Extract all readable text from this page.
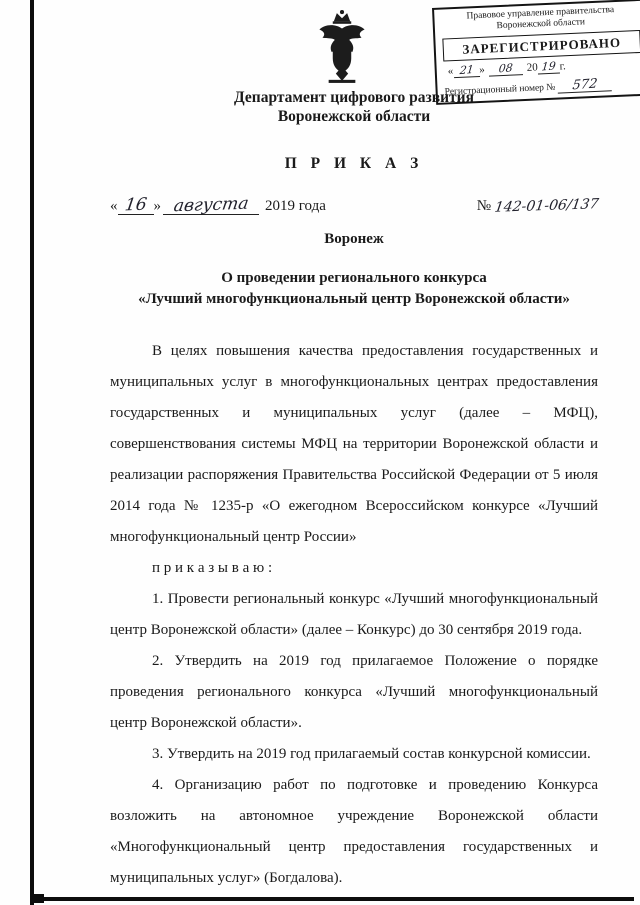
Правовое управление правительства
Воронежской области
ЗАРЕГИСТРИРОВАНО
« 21 » 08 20 19 г.
Регистрационный номер № 572
Департамент цифрового развития
Воронежской области
П Р И К А З
« 16 » августа 2019 года	№ 142-01-06/137
Воронеж
О проведении регионального конкурса
«Лучший многофункциональный центр Воронежской области»

В целях повышения качества предоставления государственных и муниципальных услуг в многофункциональных центрах предоставления государственных и муниципальных услуг (далее – МФЦ), совершенствования системы МФЦ на территории Воронежской области и реализации распоряжения Правительства Российской Федерации от 5 июля 2014 года № 1235-р «О ежегодном Всероссийском конкурсе «Лучший многофункциональный центр России»

п р и к а з ы в а ю :

1. Провести региональный конкурс «Лучший многофункциональный центр Воронежской области» (далее – Конкурс) до 30 сентября 2019 года.

2. Утвердить на 2019 год прилагаемое Положение о порядке проведения регионального конкурса «Лучший многофункциональный центр Воронежской области».

3. Утвердить на 2019 год прилагаемый состав конкурсной комиссии.

4. Организацию работ по подготовке и проведению Конкурса возложить на автономное учреждение Воронежской области «Многофункциональный центр предоставления государственных и муниципальных услуг» (Богдалова).
